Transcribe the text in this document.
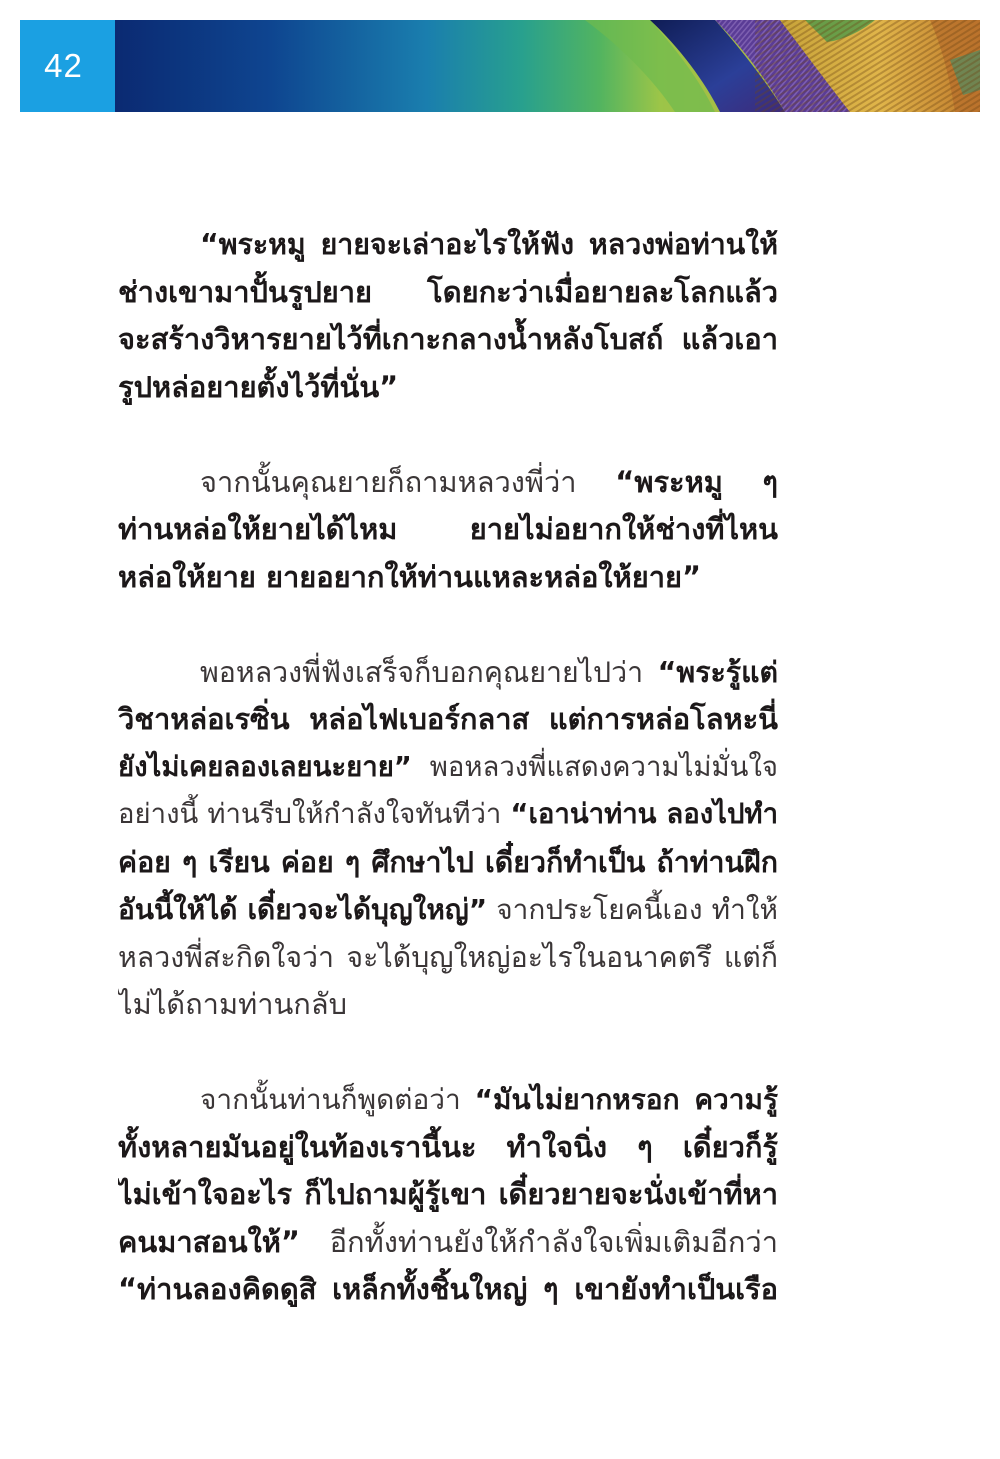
42
“พระหมู ยายจะเล่าอะไรให้ฟัง หลวงพ่อท่านให้
ช่างเขามาปั้นรูปยาย โดยกะว่าเมื่อยายละโลกแล้ว
จะสร้างวิหารยายไว้ที่เกาะกลางน้ำหลังโบสถ์ แล้วเอา
รูปหล่อยายตั้งไว้ที่นั่น”
จากนั้นคุณยายก็ถามหลวงพี่ว่า “พระหมู ๆ
ท่านหล่อให้ยายได้ไหม ยายไม่อยากให้ช่างที่ไหน
หล่อให้ยาย ยายอยากให้ท่านแหละหล่อให้ยาย”
พอหลวงพี่ฟังเสร็จก็บอกคุณยายไปว่า “พระรู้แต่
วิชาหล่อเรซิ่น หล่อไฟเบอร์กลาส แต่การหล่อโลหะนี่
ยังไม่เคยลองเลยนะยาย” พอหลวงพี่แสดงความไม่มั่นใจ
อย่างนี้ ท่านรีบให้กำลังใจทันทีว่า “เอาน่าท่าน ลองไปทำ
ค่อย ๆ เรียน ค่อย ๆ ศึกษาไป เดี๋ยวก็ทำเป็น ถ้าท่านฝึก
อันนี้ให้ได้ เดี๋ยวจะได้บุญใหญ่” จากประโยคนี้เอง ทำให้
หลวงพี่สะกิดใจว่า จะได้บุญใหญ่อะไรในอนาคตรึ แต่ก็
ไม่ได้ถามท่านกลับ
จากนั้นท่านก็พูดต่อว่า “มันไม่ยากหรอก ความรู้
ทั้งหลายมันอยู่ในท้องเรานี้นะ ทำใจนิ่ง ๆ เดี๋ยวก็รู้
ไม่เข้าใจอะไร ก็ไปถามผู้รู้เขา เดี๋ยวยายจะนั่งเข้าที่หา
คนมาสอนให้” อีกทั้งท่านยังให้กำลังใจเพิ่มเติมอีกว่า
“ท่านลองคิดดูสิ เหล็กทั้งชิ้นใหญ่ ๆ เขายังทำเป็นเรือ
